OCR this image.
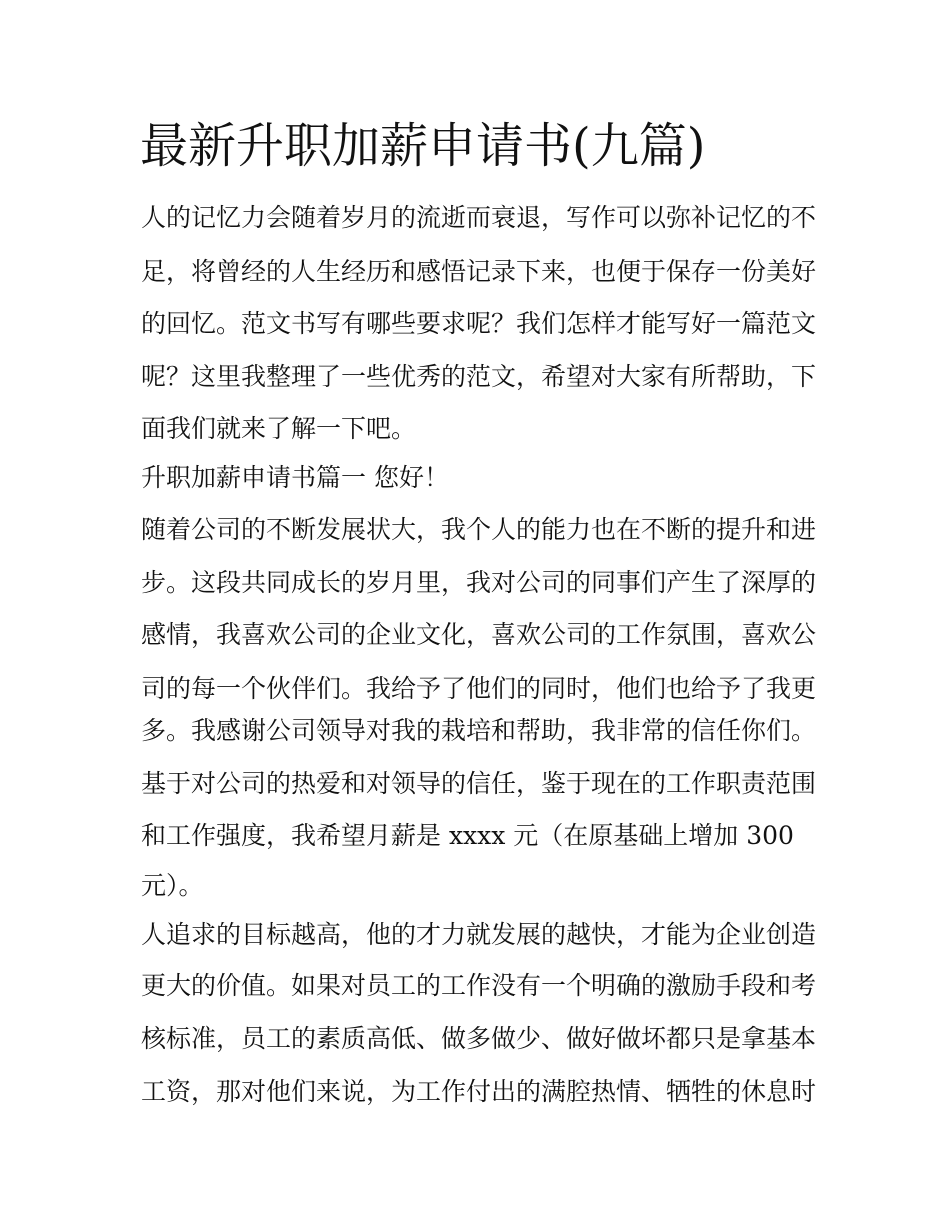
最新升职加薪申请书(九篇)

人的记忆力会随着岁月的流逝而衰退，写作可以弥补记忆的不

足，将曾经的人生经历和感悟记录下来，也便于保存一份美好

的回忆。范文书写有哪些要求呢？我们怎样才能写好一篇范文

呢？这里我整理了一些优秀的范文，希望对大家有所帮助，下

面我们就来了解一下吧。

升职加薪申请书篇一 您好！

随着公司的不断发展状大，我个人的能力也在不断的提升和进

步。这段共同成长的岁月里，我对公司的同事们产生了深厚的

感情，我喜欢公司的企业文化，喜欢公司的工作氛围，喜欢公

司的每一个伙伴们。我给予了他们的同时，他们也给予了我更

多。我感谢公司领导对我的栽培和帮助，我非常的信任你们。

基于对公司的热爱和对领导的信任，鉴于现在的工作职责范围

和工作强度，我希望月薪是 xxxx 元（在原基础上增加 300

元）。

人追求的目标越高，他的才力就发展的越快，才能为企业创造

更大的价值。如果对员工的工作没有一个明确的激励手段和考

核标准，员工的素质高低、做多做少、做好做坏都只是拿基本

工资，那对他们来说，为工作付出的满腔热情、牺牲的休息时
